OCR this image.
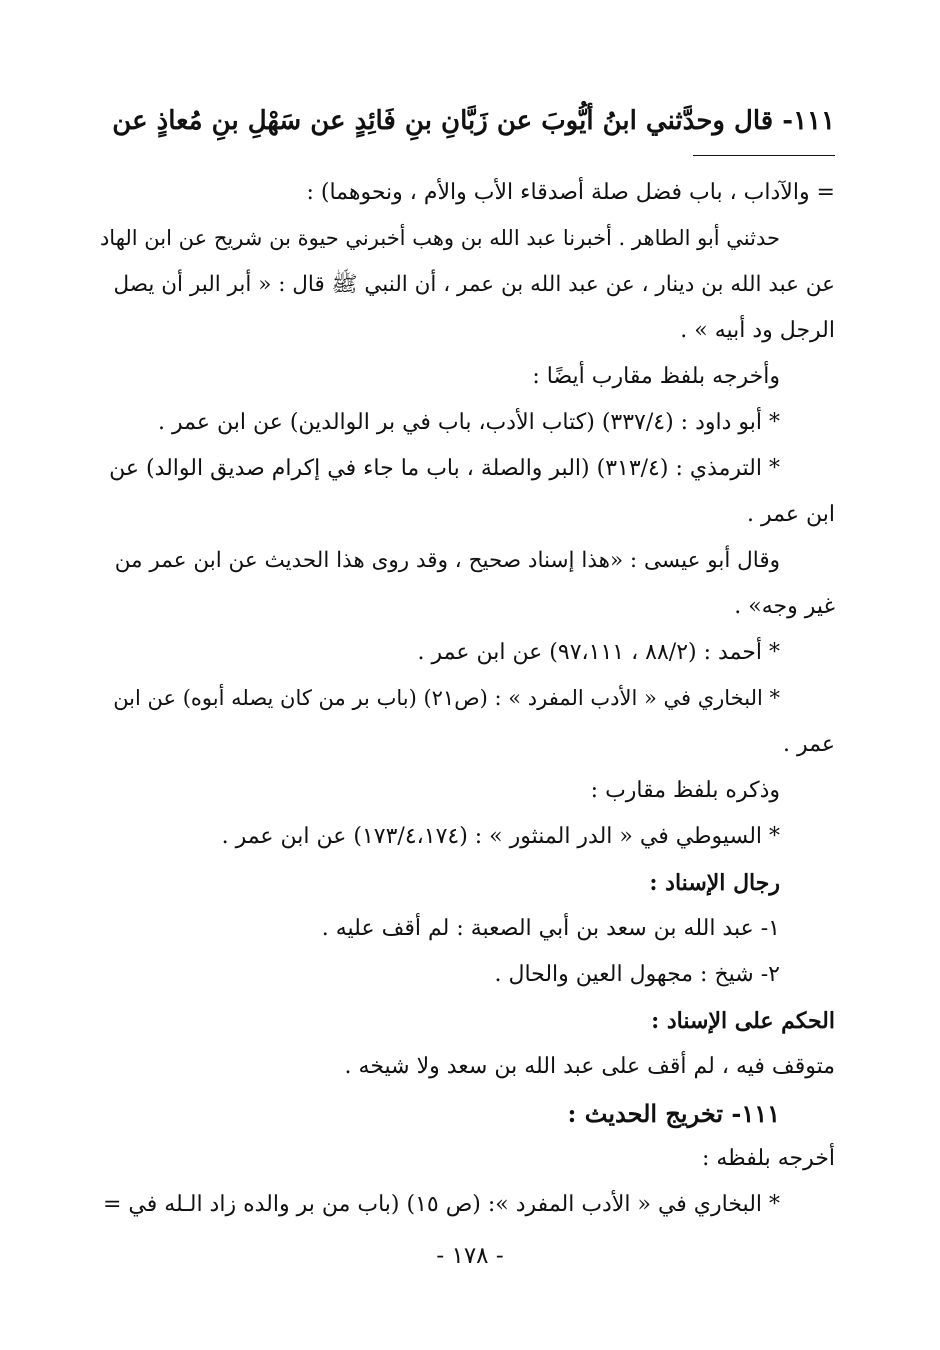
١١١- قال وحدَّثني ابنُ أيُّوبَ عن زَبَّانِ بنِ فَائِدٍ عن سَهْلِ بنِ مُعاذٍ عن
= والآداب ، باب فضل صلة أصدقاء الأب والأم ، ونحوهما) :
حدثني أبو الطاهر . أخبرنا عبد الله بن وهب أخبرني حيوة بن شريح عن ابن الهاد
عن عبد الله بن دينار ، عن عبد الله بن عمر ، أن النبي ﷺ قال : « أبر البر أن يصل
الرجل ود أبيه » .
وأخرجه بلفظ مقارب أيضًا :
* أبو داود : (٣٣٧/٤) (كتاب الأدب، باب في بر الوالدين) عن ابن عمر .
* الترمذي : (٣١٣/٤) (البر والصلة ، باب ما جاء في إكرام صديق الوالد) عن
ابن عمر .
وقال أبو عيسى : «هذا إسناد صحيح ، وقد روى هذا الحديث عن ابن عمر من
غير وجه» .
* أحمد : (٨٨/٢ ، ٩٧،١١١) عن ابن عمر .
* البخاري في « الأدب المفرد » : (ص٢١) (باب بر من كان يصله أبوه) عن ابن
عمر .
وذكره بلفظ مقارب :
* السيوطي في « الدر المنثور » : (١٧٣/٤،١٧٤) عن ابن عمر .
رجال الإسناد :
١- عبد الله بن سعد بن أبي الصعبة : لم أقف عليه .
٢- شيخ : مجهول العين والحال .
الحكم على الإسناد :
متوقف فيه ، لم أقف على عبد الله بن سعد ولا شيخه .
١١١- تخريج الحديث :
أخرجه بلفظه :
* البخاري في « الأدب المفرد »: (ص ١٥) (باب من بر والده زاد الـله في =
- ١٧٨ -
